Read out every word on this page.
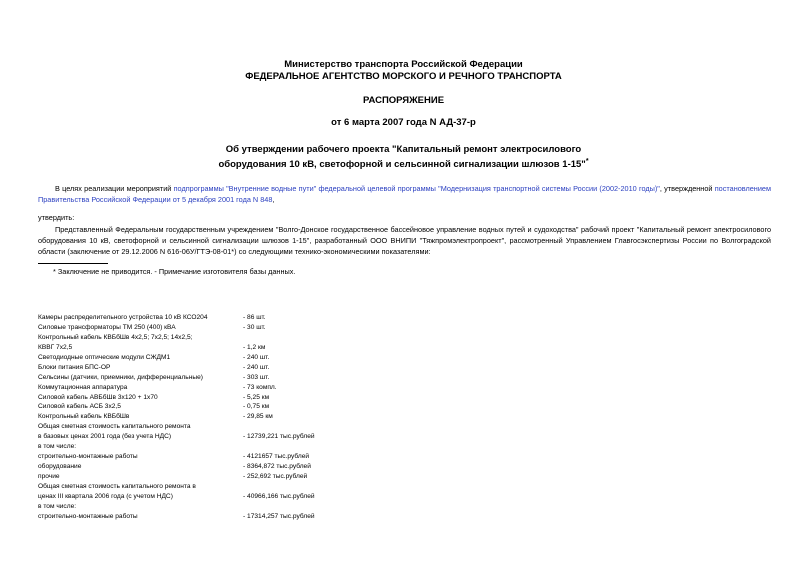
Министерство транспорта Российской Федерации
ФЕДЕРАЛЬНОЕ АГЕНТСТВО МОРСКОГО И РЕЧНОГО ТРАНСПОРТА
РАСПОРЯЖЕНИЕ
от 6 марта 2007 года N АД-37-р
Об утверждении рабочего проекта "Капитальный ремонт электросилового
оборудования 10 кВ, светофорной и сельсинной сигнализации шлюзов 1-15"*
В целях реализации мероприятий подпрограммы "Внутренние водные пути" федеральной целевой программы "Модернизация транспортной системы России (2002-2010 годы)", утвержденной постановлением Правительства Российской Федерации от 5 декабря 2001 года N 848,
утвердить:
Представленный Федеральным государственным учреждением "Волго-Донское государственное бассейновое управление водных путей и судоходства" рабочий проект "Капитальный ремонт электросилового оборудования 10 кВ, светофорной и сельсинной сигнализации шлюзов 1-15", разработанный ООО ВНИПИ "Тяжпромэлектропроект", рассмотренный Управлением Главгосэкспертизы России по Волгоградской области (заключение от 29.12.2006 N 616-06У/ГТЭ-08-01*) со следующими технико-экономическими показателями:
* Заключение не приводится. - Примечание изготовителя базы данных.
Камеры распределительного устройства 10 кВ КСО204	- 86 шт.
Силовые трансформаторы ТМ 250 (400) кВА	- 30 шт.
Контрольный кабель КВБбШв 4х2,5; 7х2,5; 14х2,5;
КВВГ 7х2,5	- 1,2 км
Светодиодные оптические модули СЖДМ1	- 240 шт.
Блоки питания БПС-ОР	- 240 шт.
Сельсины (датчики, приемники, дифференциальные)	- 303 шт.
Коммутационная аппаратура	- 73 компл.
Силовой кабель АВБбШв 3х120 + 1х70	- 5,25 км
Силовой кабель АСБ 3х2,5	- 0,75 км
Контрольный кабель КВБбШв	- 29,85 км
Общая сметная стоимость капитального ремонта
в базовых ценах 2001 года (без учета НДС)	- 12739,221 тыс.рублей
в том числе:
строительно-монтажные работы	- 4121657 тыс.рублей
оборудование	- 8364,872 тыс.рублей
прочие	- 252,692 тыс.рублей
Общая сметная стоимость капитального ремонта в
ценах III квартала 2006 года (с учетом НДС)	- 40966,166 тыс.рублей
в том числе:
строительно-монтажные работы	- 17314,257 тыс.рублей
